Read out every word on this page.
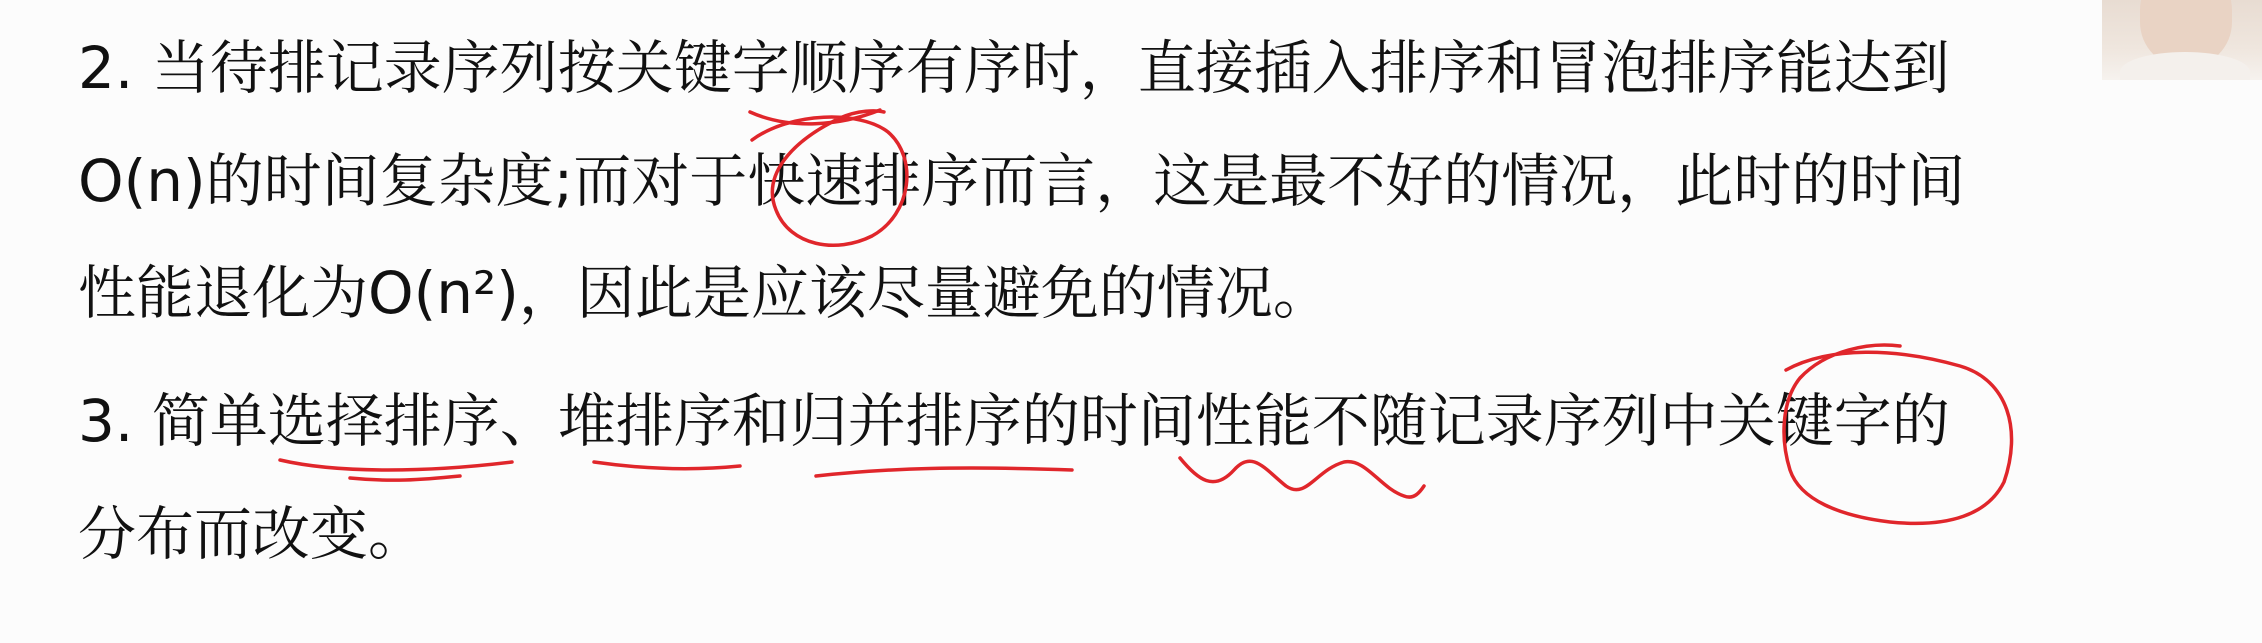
2. 当待排记录序列按关键字顺序有序时，直接插入排序和冒泡排序能达到
O(n)的时间复杂度;而对于快速排序而言，这是最不好的情况，此时的时间
性能退化为O(n²)，因此是应该尽量避免的情况。
3. 简单选择排序、堆排序和归并排序的时间性能不随记录序列中关键字的
分布而改变。
